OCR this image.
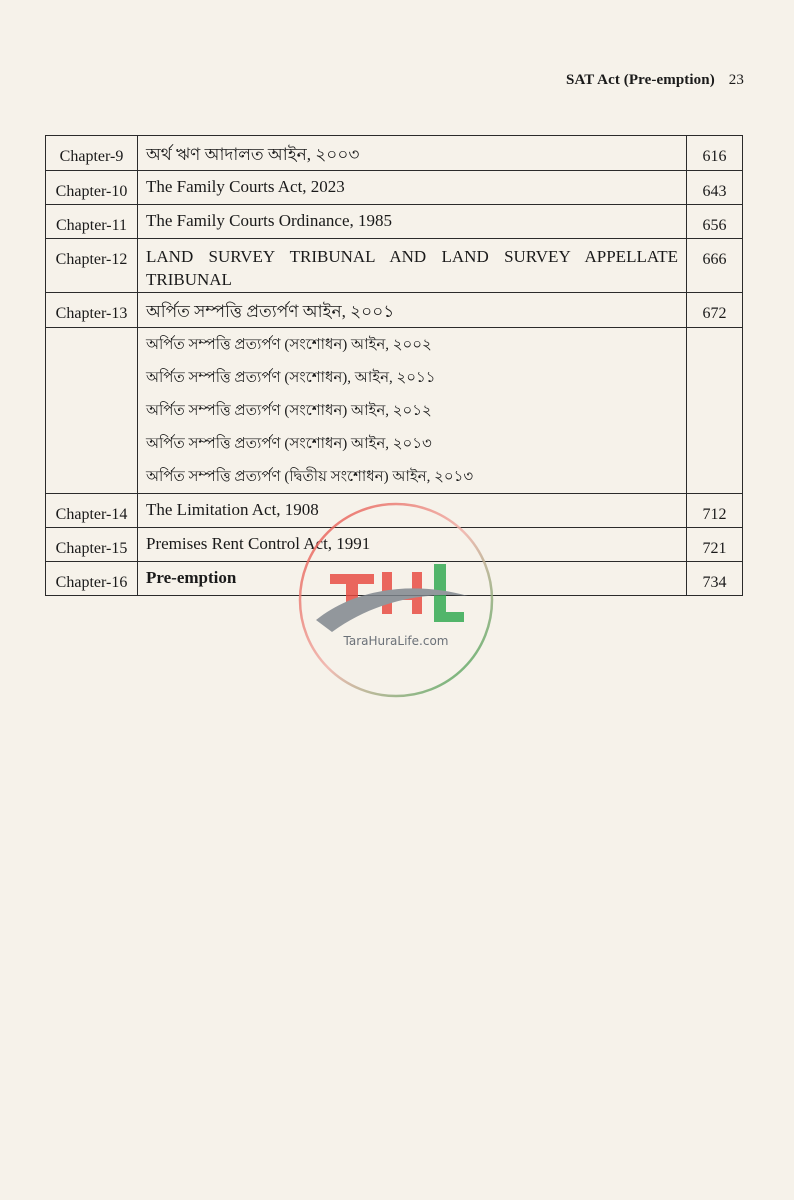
SAT Act (Pre-emption) 23
Chapter-9	অর্থ ঋণ আদালত আইন, ২০০৩	616

Chapter-10	The Family Courts Act, 2023	643

Chapter-11	The Family Courts Ordinance, 1985	656

Chapter-12	LAND SURVEY TRIBUNAL AND LAND SURVEY APPELLATE TRIBUNAL	666

Chapter-13	অর্পিত সম্পত্তি প্রত্যর্পণ আইন, ২০০১	672

	অর্পিত সম্পত্তি প্রত্যর্পণ (সংশোধন) আইন, ২০০২
অর্পিত সম্পত্তি প্রত্যর্পণ (সংশোধন), আইন, ২০১১
অর্পিত সম্পত্তি প্রত্যর্পণ (সংশোধন) আইন, ২০১২
অর্পিত সম্পত্তি প্রত্যর্পণ (সংশোধন) আইন, ২০১৩
অর্পিত সম্পত্তি প্রত্যর্পণ (দ্বিতীয় সংশোধন) আইন, ২০১৩	

Chapter-14	The Limitation Act, 1908	712

Chapter-15	Premises Rent Control Act, 1991	721

Chapter-16	Pre-emption	734
TaraHuraLife.com
